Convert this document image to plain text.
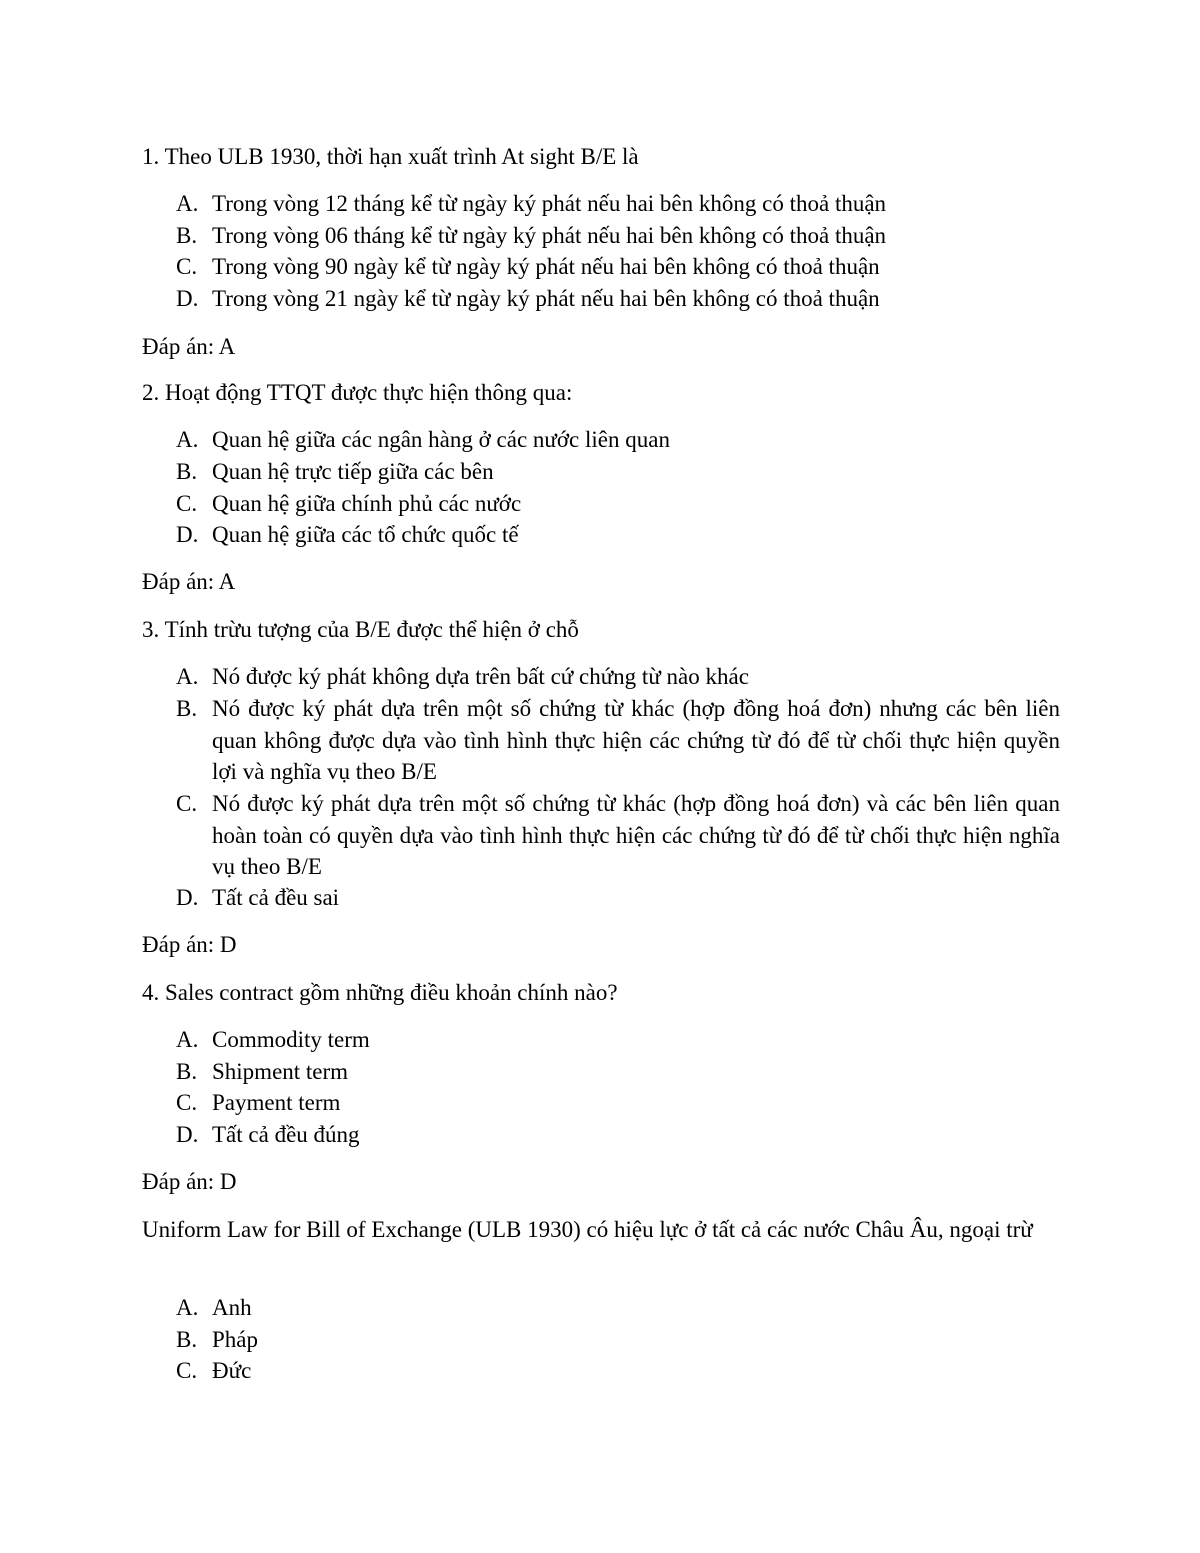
1. Theo ULB 1930, thời hạn xuất trình At sight B/E là
A. Trong vòng 12 tháng kể từ ngày ký phát nếu hai bên không có thoả thuận
B. Trong vòng 06 tháng kể từ ngày ký phát nếu hai bên không có thoả thuận
C. Trong vòng 90 ngày kể từ ngày ký phát nếu hai bên không có thoả thuận
D. Trong vòng 21 ngày kể từ ngày ký phát nếu hai bên không có thoả thuận
Đáp án: A
2. Hoạt động TTQT được thực hiện thông qua:
A. Quan hệ giữa các ngân hàng ở các nước liên quan
B. Quan hệ trực tiếp giữa các bên
C. Quan hệ giữa chính phủ các nước
D. Quan hệ giữa các tổ chức quốc tế
Đáp án: A
3. Tính trừu tượng của B/E được thể hiện ở chỗ
A. Nó được ký phát không dựa trên bất cứ chứng từ nào khác
B. Nó được ký phát dựa trên một số chứng từ khác (hợp đồng hoá đơn) nhưng các bên liên quan không được dựa vào tình hình thực hiện các chứng từ đó để từ chối thực hiện quyền lợi và nghĩa vụ theo B/E
C. Nó được ký phát dựa trên một số chứng từ khác (hợp đồng hoá đơn) và các bên liên quan hoàn toàn có quyền dựa vào tình hình thực hiện các chứng từ đó để từ chối thực hiện nghĩa vụ theo B/E
D. Tất cả đều sai
Đáp án: D
4. Sales contract gồm những điều khoản chính nào?
A. Commodity term
B. Shipment term
C. Payment term
D. Tất cả đều đúng
Đáp án: D
Uniform Law for Bill of Exchange (ULB 1930) có hiệu lực ở tất cả các nước Châu Âu, ngoại trừ
A. Anh
B. Pháp
C. Đức
